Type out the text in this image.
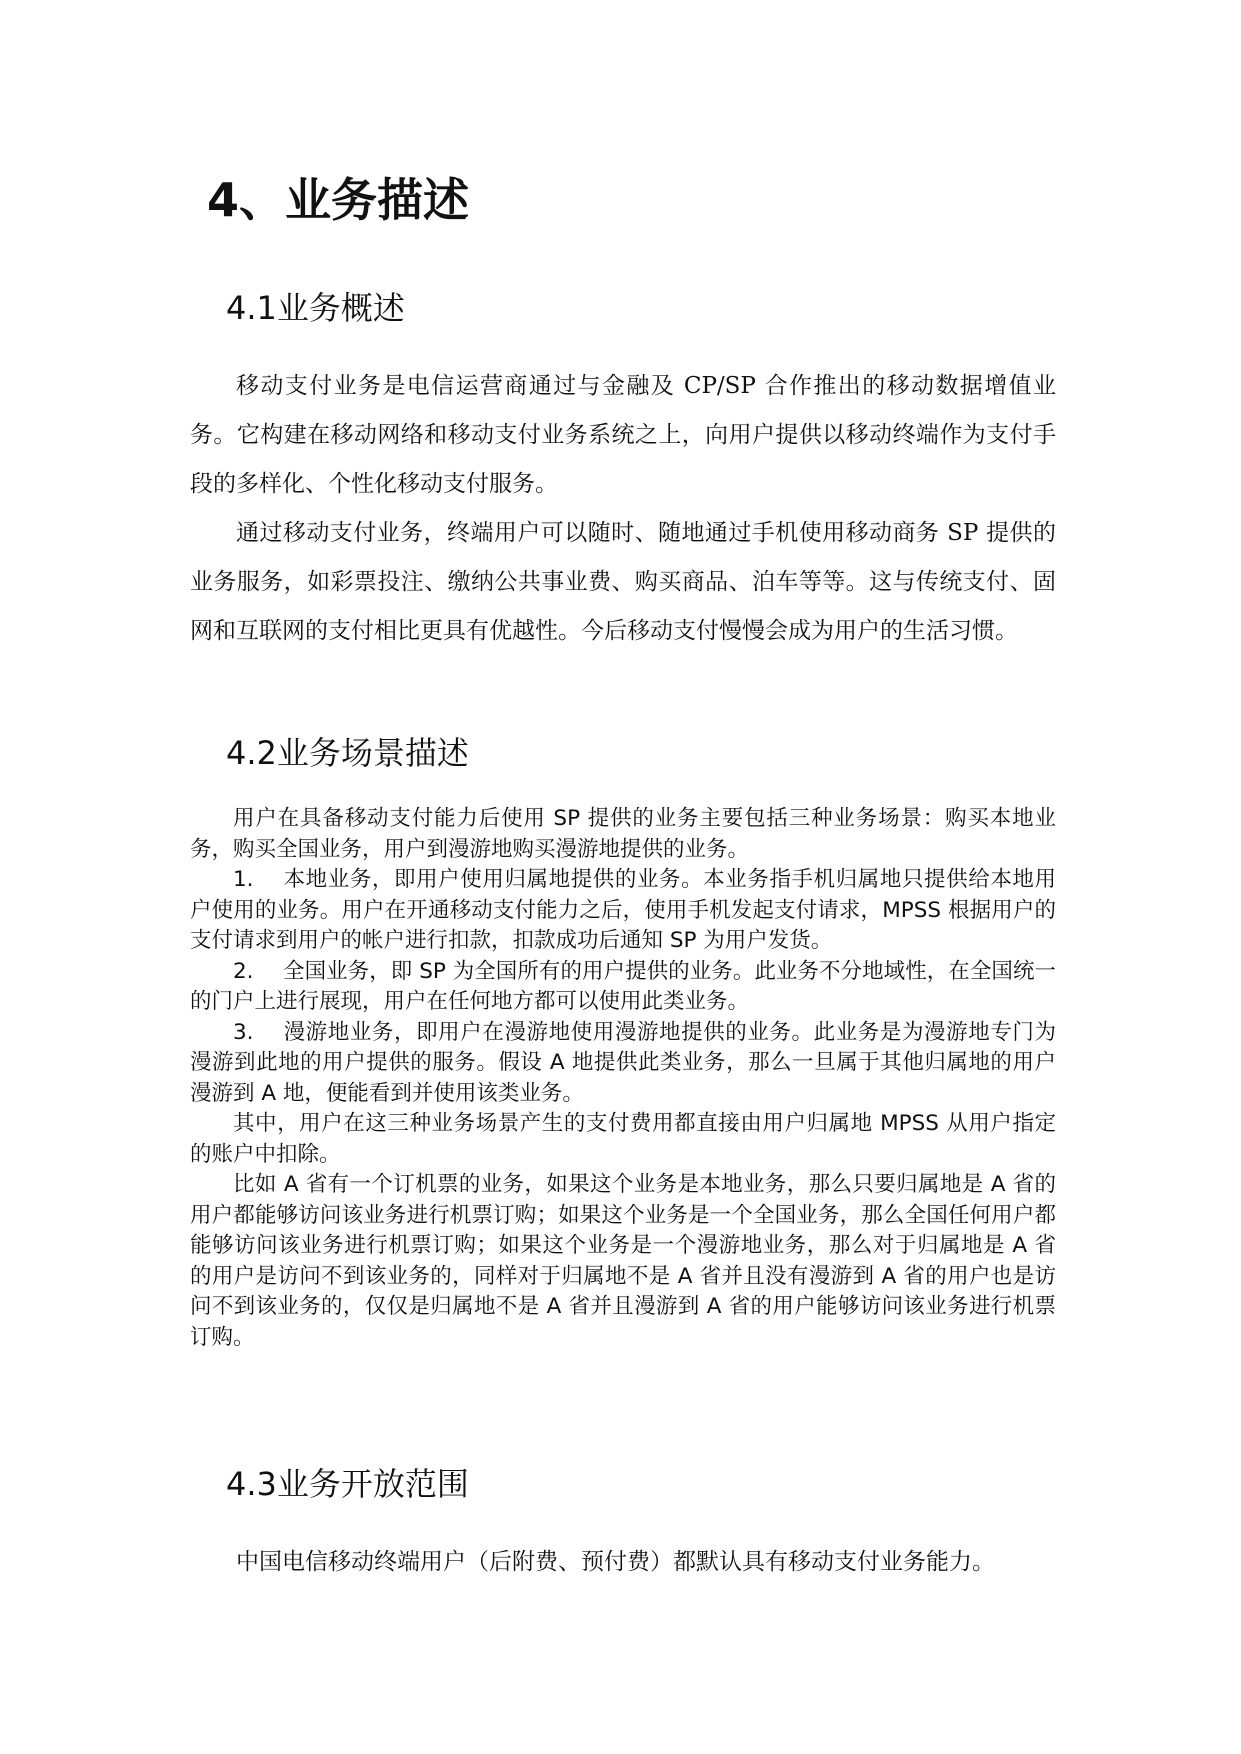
4、业务描述
4.1业务概述

移动支付业务是电信运营商通过与金融及 CP/SP 合作推出的移动数据增值业务。它构建在移动网络和移动支付业务系统之上，向用户提供以移动终端作为支付手段的多样化、个性化移动支付服务。

通过移动支付业务，终端用户可以随时、随地通过手机使用移动商务 SP 提供的业务服务，如彩票投注、缴纳公共事业费、购买商品、泊车等等。这与传统支付、固网和互联网的支付相比更具有优越性。今后移动支付慢慢会成为用户的生活习惯。

4.2业务场景描述

用户在具备移动支付能力后使用 SP 提供的业务主要包括三种业务场景：购买本地业务，购买全国业务，用户到漫游地购买漫游地提供的业务。

1. 本地业务，即用户使用归属地提供的业务。本业务指手机归属地只提供给本地用户使用的业务。用户在开通移动支付能力之后，使用手机发起支付请求，MPSS 根据用户的支付请求到用户的帐户进行扣款，扣款成功后通知 SP 为用户发货。

2. 全国业务，即 SP 为全国所有的用户提供的业务。此业务不分地域性，在全国统一的门户上进行展现，用户在任何地方都可以使用此类业务。

3. 漫游地业务，即用户在漫游地使用漫游地提供的业务。此业务是为漫游地专门为漫游到此地的用户提供的服务。假设 A 地提供此类业务，那么一旦属于其他归属地的用户漫游到 A 地，便能看到并使用该类业务。

其中，用户在这三种业务场景产生的支付费用都直接由用户归属地 MPSS 从用户指定的账户中扣除。

比如 A 省有一个订机票的业务，如果这个业务是本地业务，那么只要归属地是 A 省的用户都能够访问该业务进行机票订购；如果这个业务是一个全国业务，那么全国任何用户都能够访问该业务进行机票订购；如果这个业务是一个漫游地业务，那么对于归属地是 A 省的用户是访问不到该业务的，同样对于归属地不是 A 省并且没有漫游到 A 省的用户也是访问不到该业务的，仅仅是归属地不是 A 省并且漫游到 A 省的用户能够访问该业务进行机票订购。

4.3业务开放范围

中国电信移动终端用户（后附费、预付费）都默认具有移动支付业务能力。
